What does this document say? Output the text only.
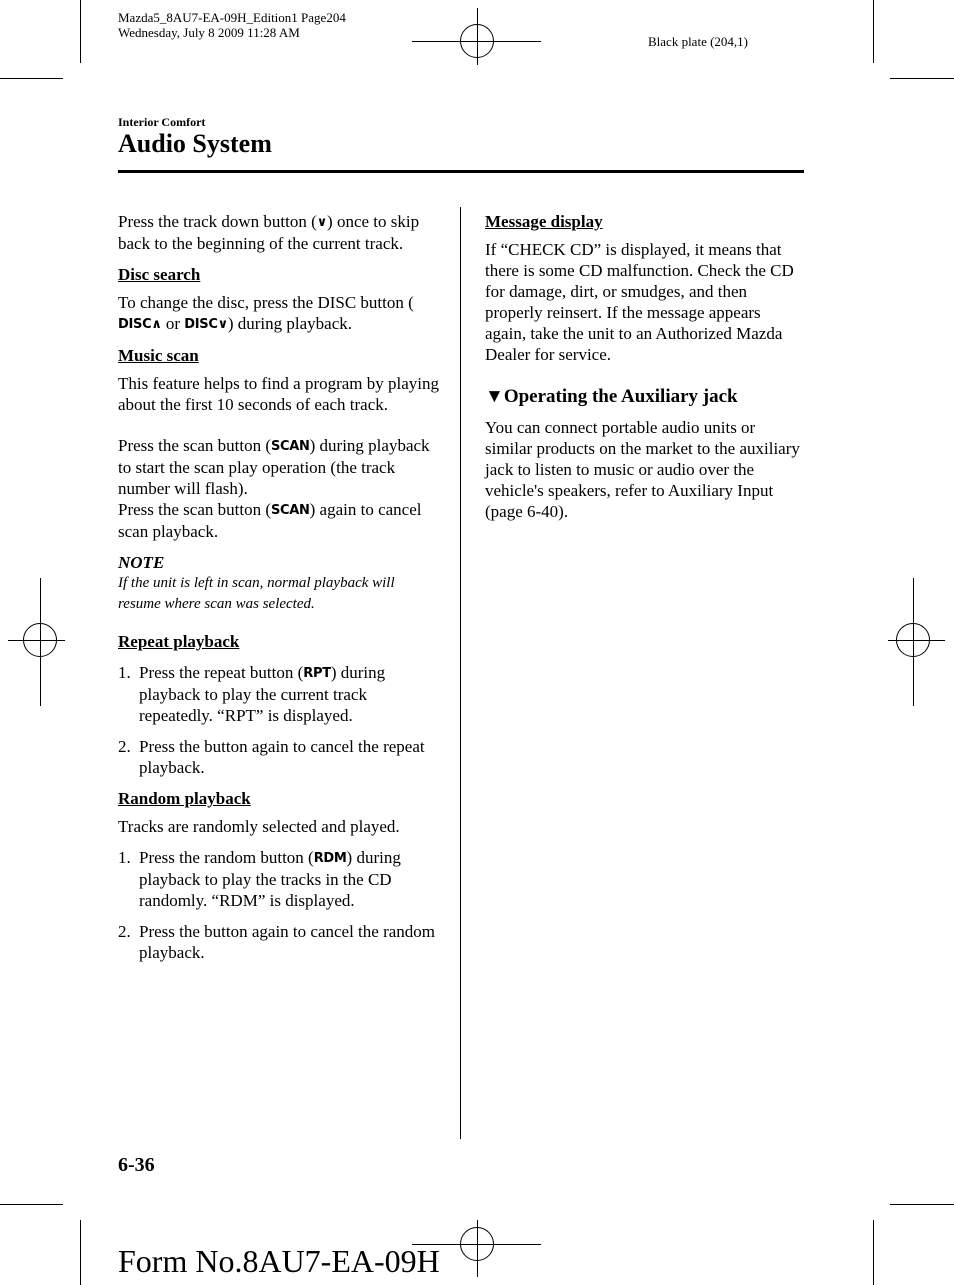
Mazda5_8AU7-EA-09H_Edition1 Page204
Wednesday, July 8 2009 11:28 AM
Black plate (204,1)
Interior Comfort
Audio System

Press the track down button (∨) once to skip back to the beginning of the current track.

Disc search

To change the disc, press the DISC button (DISC∧ or DISC∨) during playback.

Music scan

This feature helps to find a program by playing about the first 10 seconds of each track.

Press the scan button (SCAN) during playback to start the scan play operation (the track number will flash).

Press the scan button (SCAN) again to cancel scan playback.

NOTE

If the unit is left in scan, normal playback will resume where scan was selected.

Repeat playback

1. Press the repeat button (RPT) during playback to play the current track repeatedly. “RPT” is displayed.
2. Press the button again to cancel the repeat playback.

Random playback

Tracks are randomly selected and played.

1. Press the random button (RDM) during playback to play the tracks in the CD randomly. “RDM” is displayed.
2. Press the button again to cancel the random playback.

Message display

If “CHECK CD” is displayed, it means that there is some CD malfunction. Check the CD for damage, dirt, or smudges, and then properly reinsert. If the message appears again, take the unit to an Authorized Mazda Dealer for service.

▼Operating the Auxiliary jack

You can connect portable audio units or similar products on the market to the auxiliary jack to listen to music or audio over the vehicle's speakers, refer to Auxiliary Input (page 6-40).

6-36
Form No.8AU7-EA-09H
